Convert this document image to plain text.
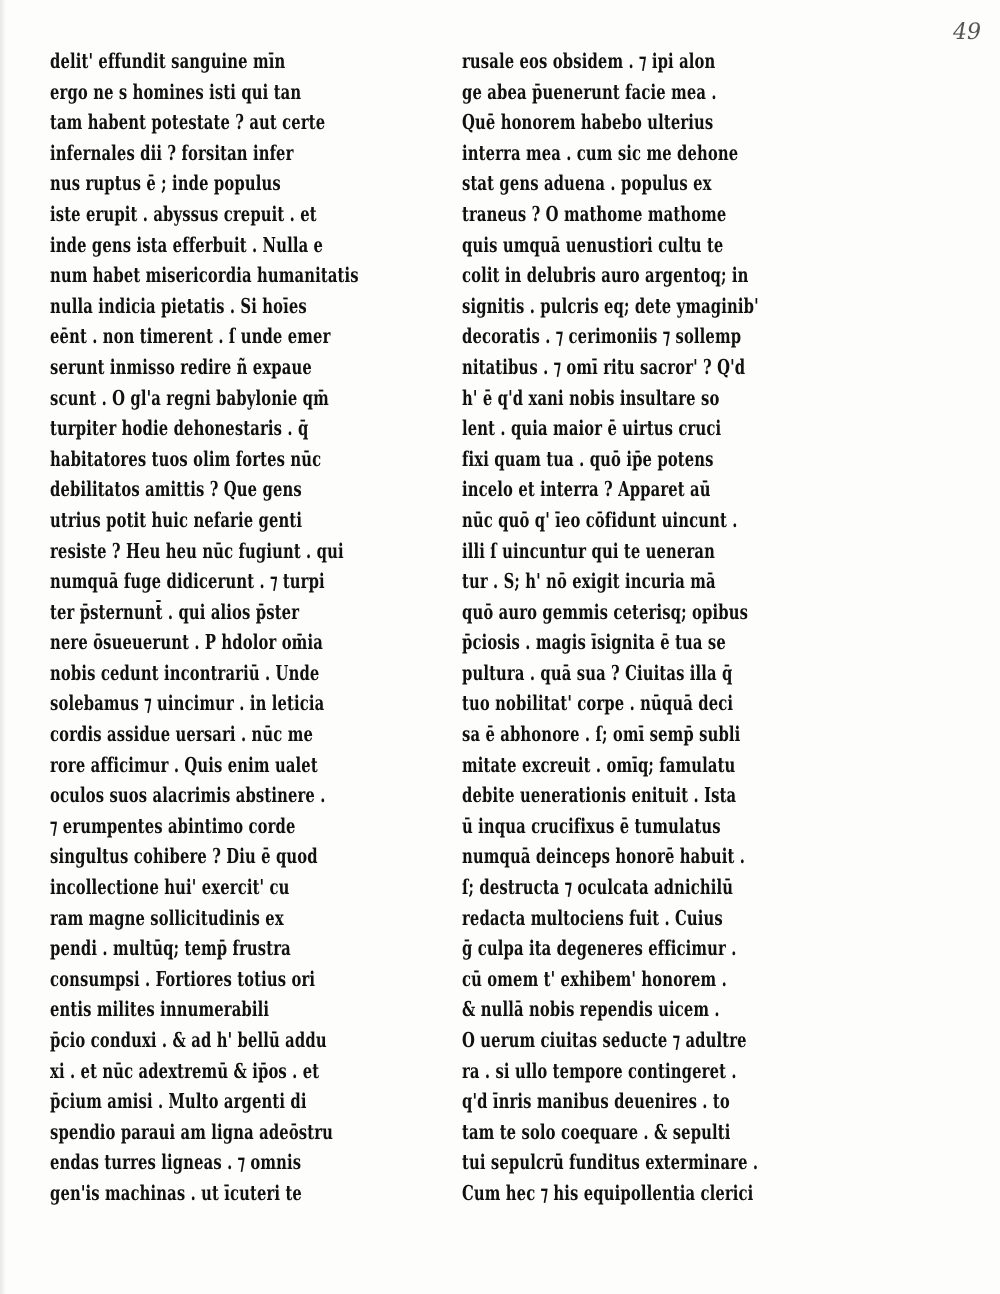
49
delit' effundit sanguine mīn
ergo ne s homines isti qui tan
tam habent potestate ? aut certe
infernales dii ? forsitan infer
nus ruptus ē ; inde populus
iste erupit . abyssus crepuit . et
inde gens ista efferbuit . Nulla e
num habet misericordia humanitatis
nulla indicia pietatis . Si hoīes
eēnt . non timerent . ſ unde emer
serunt inmisso redire ñ expaue
scunt . O gl'a regni babylonie qm̄
turpiter hodie dehonestaris . q̄
habitatores tuos olim fortes nūc
debilitatos amittis ? Que gens
utrius potit huic nefarie genti
resiste ? Heu heu nūc fugiunt . qui
numquā fuge didicerunt . ⁊ turpi
ter p̄sternunt̄ . qui alios p̄ster
nere ōsueuerunt . P hdolor om̄ia
nobis cedunt incontrariū . Unde
solebamus ⁊ uincimur . in leticia
cordis assidue uersari . nūc me
rore afficimur . Quis enim ualet
oculos suos alacrimis abstinere .
⁊ erumpentes abintimo corde
singultus cohibere ? Diu ē quod
incollectione hui' exercit' cu
ram magne sollicitudinis ex
pendi . multūq; temp̄ frustra
consumpsi . Fortiores totius ori
entis milites innumerabili
p̄cio conduxi . & ad h' bellū addu
xi . et nūc adextremū & ip̄os . et
p̄cium amisi . Multo argenti di
spendio paraui am ligna adeōstru
endas turres ligneas . ⁊ omnis
gen'is machinas . ut īcuteri te
rusale eos obsidem . ⁊ ipi alon
ge abea p̄uenerunt facie mea .
Quē honorem habebo ulterius
interra mea . cum sic me dehone
stat gens aduena . populus ex
traneus ? O mathome mathome
quis umquā uenustiori cultu te
colit in delubris auro argentoq; in
signitis . pulcris eq; dete ymaginib'
decoratis . ⁊ cerimoniis ⁊ sollemp
nitatibus . ⁊ omī ritu sacror' ? Q'd
h' ē q'd xani nobis insultare so
lent . quia maior ē uirtus cruci
fixi quam tua . quō ip̄e potens
incelo et interra ? Apparet aū
nūc quō q' īeo cōfidunt uincunt .
illi ſ uincuntur qui te ueneran
tur . S; h' nō exigit incuria mā
quō auro gemmis ceterisq; opibus
p̄ciosis . magis īsignita ē tua se
pultura . quā sua ? Ciuitas illa q̄
tuo nobilitat' corpe . nūquā deci
sa ē abhonore . ſ; omī semp̄ subli
mitate excreuit . omīq; famulatu
debite uenerationis enituit . Ista
ū inqua crucifixus ē tumulatus
numquā deinceps honorē habuit .
ſ; destructa ⁊ oculcata adnichilū
redacta multociens fuit . Cuius
ḡ culpa ita degeneres efficimur .
cū omem t' exhibem' honorem .
& nullā nobis rependis uicem .
O uerum ciuitas seducte ⁊ adultre
ra . si ullo tempore contingeret .
q'd īnris manibus deuenires . to
tam te solo coequare . & sepulti
tui sepulcrū funditus exterminare .
Cum hec ⁊ his equipollentia clerici
